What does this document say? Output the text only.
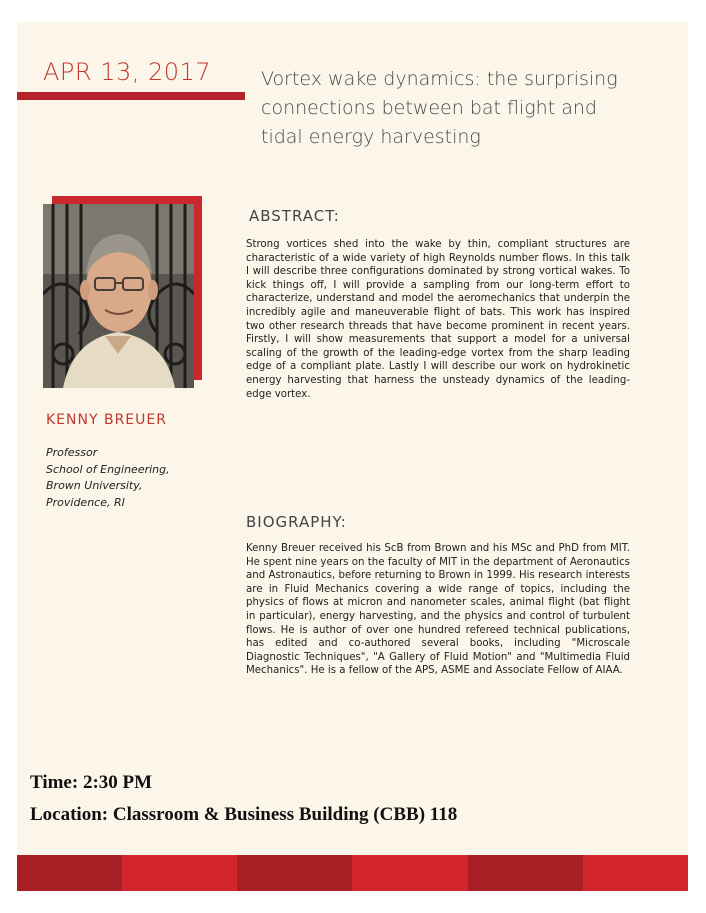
APR 13, 2017	Vortex wake dynamics: the surprising connections between bat flight and tidal energy harvesting
KENNY BREUER
Professor
School of Engineering,
Brown University,
Providence, RI
ABSTRACT:
Strong vortices shed into the wake by thin, compliant structures are characteristic of a wide variety of high Reynolds number flows. In this talk I will describe three configurations dominated by strong vortical wakes. To kick things off, I will provide a sampling from our long-term effort to characterize, understand and model the aeromechanics that underpin the incredibly agile and maneuverable flight of bats. This work has inspired two other research threads that have become prominent in recent years. Firstly, I will show measurements that support a model for a universal scaling of the growth of the leading-edge vortex from the sharp leading edge of a compliant plate. Lastly I will describe our work on hydrokinetic energy harvesting that harness the unsteady dynamics of the leading-edge vortex.
BIOGRAPHY:
Kenny Breuer received his ScB from Brown and his MSc and PhD from MIT. He spent nine years on the faculty of MIT in the department of Aeronautics and Astronautics, before returning to Brown in 1999. His research interests are in Fluid Mechanics covering a wide range of topics, including the physics of flows at micron and nanometer scales, animal flight (bat flight in particular), energy harvesting, and the physics and control of turbulent flows. He is author of over one hundred refereed technical publications, has edited and co-authored several books, including "Microscale Diagnostic Techniques", "A Gallery of Fluid Motion" and "Multimedia Fluid Mechanics". He is a fellow of the APS, ASME and Associate Fellow of AIAA.
Time: 2:30 PM
Location: Classroom & Business Building (CBB) 118
